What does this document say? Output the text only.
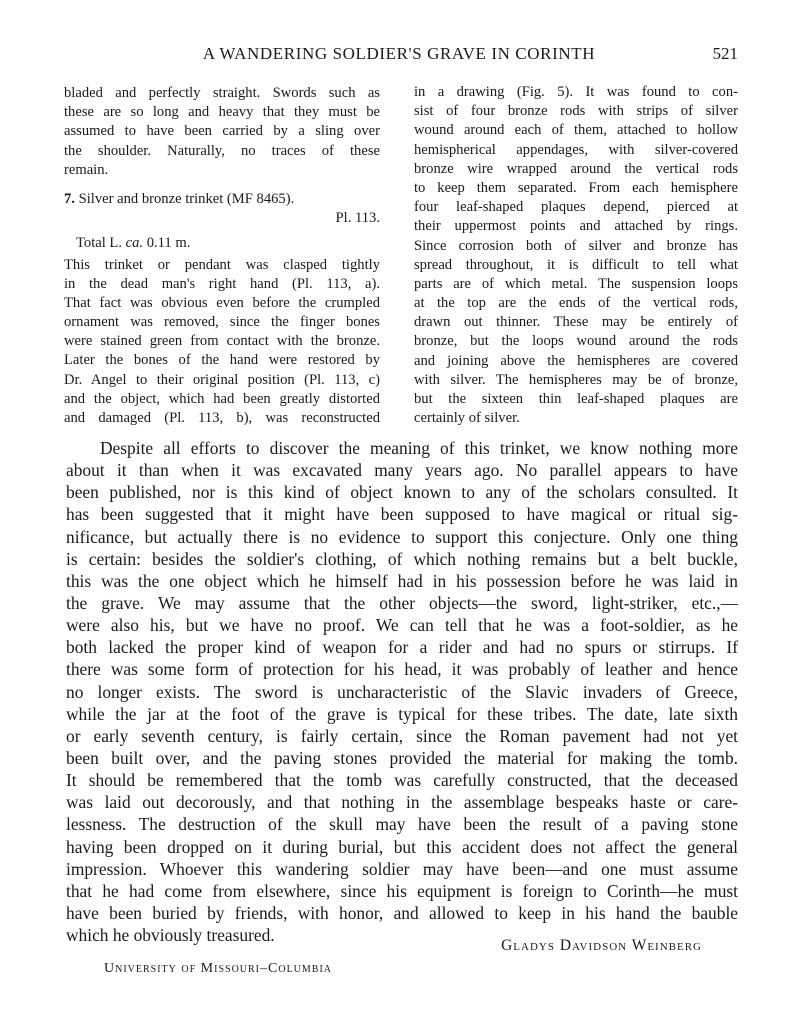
A WANDERING SOLDIER'S GRAVE IN CORINTH	521
bladed and perfectly straight. Swords such as
these are so long and heavy that they must be
assumed to have been carried by a sling over
the shoulder. Naturally, no traces of these
remain.
7. Silver and bronze trinket (MF 8465).
Pl. 113.
Total L. ca. 0.11 m.
This trinket or pendant was clasped tightly
in the dead man's right hand (Pl. 113, a).
That fact was obvious even before the crumpled
ornament was removed, since the finger bones
were stained green from contact with the bronze.
Later the bones of the hand were restored by
Dr. Angel to their original position (Pl. 113, c)
and the object, which had been greatly distorted
and damaged (Pl. 113, b), was reconstructed
in a drawing (Fig. 5). It was found to con-
sist of four bronze rods with strips of silver
wound around each of them, attached to hollow
hemispherical appendages, with silver-covered
bronze wire wrapped around the vertical rods
to keep them separated. From each hemisphere
four leaf-shaped plaques depend, pierced at
their uppermost points and attached by rings.
Since corrosion both of silver and bronze has
spread throughout, it is difficult to tell what
parts are of which metal. The suspension loops
at the top are the ends of the vertical rods,
drawn out thinner. These may be entirely of
bronze, but the loops wound around the rods
and joining above the hemispheres are covered
with silver. The hemispheres may be of bronze,
but the sixteen thin leaf-shaped plaques are
certainly of silver.
Despite all efforts to discover the meaning of this trinket, we know nothing more
about it than when it was excavated many years ago. No parallel appears to have
been published, nor is this kind of object known to any of the scholars consulted. It
has been suggested that it might have been supposed to have magical or ritual sig-
nificance, but actually there is no evidence to support this conjecture. Only one thing
is certain: besides the soldier's clothing, of which nothing remains but a belt buckle,
this was the one object which he himself had in his possession before he was laid in
the grave. We may assume that the other objects—the sword, light-striker, etc.,—
were also his, but we have no proof. We can tell that he was a foot-soldier, as he
both lacked the proper kind of weapon for a rider and had no spurs or stirrups. If
there was some form of protection for his head, it was probably of leather and hence
no longer exists. The sword is uncharacteristic of the Slavic invaders of Greece,
while the jar at the foot of the grave is typical for these tribes. The date, late sixth
or early seventh century, is fairly certain, since the Roman pavement had not yet
been built over, and the paving stones provided the material for making the tomb.
It should be remembered that the tomb was carefully constructed, that the deceased
was laid out decorously, and that nothing in the assemblage bespeaks haste or care-
lessness. The destruction of the skull may have been the result of a paving stone
having been dropped on it during burial, but this accident does not affect the general
impression. Whoever this wandering soldier may have been—and one must assume
that he had come from elsewhere, since his equipment is foreign to Corinth—he must
have been buried by friends, with honor, and allowed to keep in his hand the bauble
which he obviously treasured.
Gladys Davidson Weinberg
University of Missouri–Columbia
